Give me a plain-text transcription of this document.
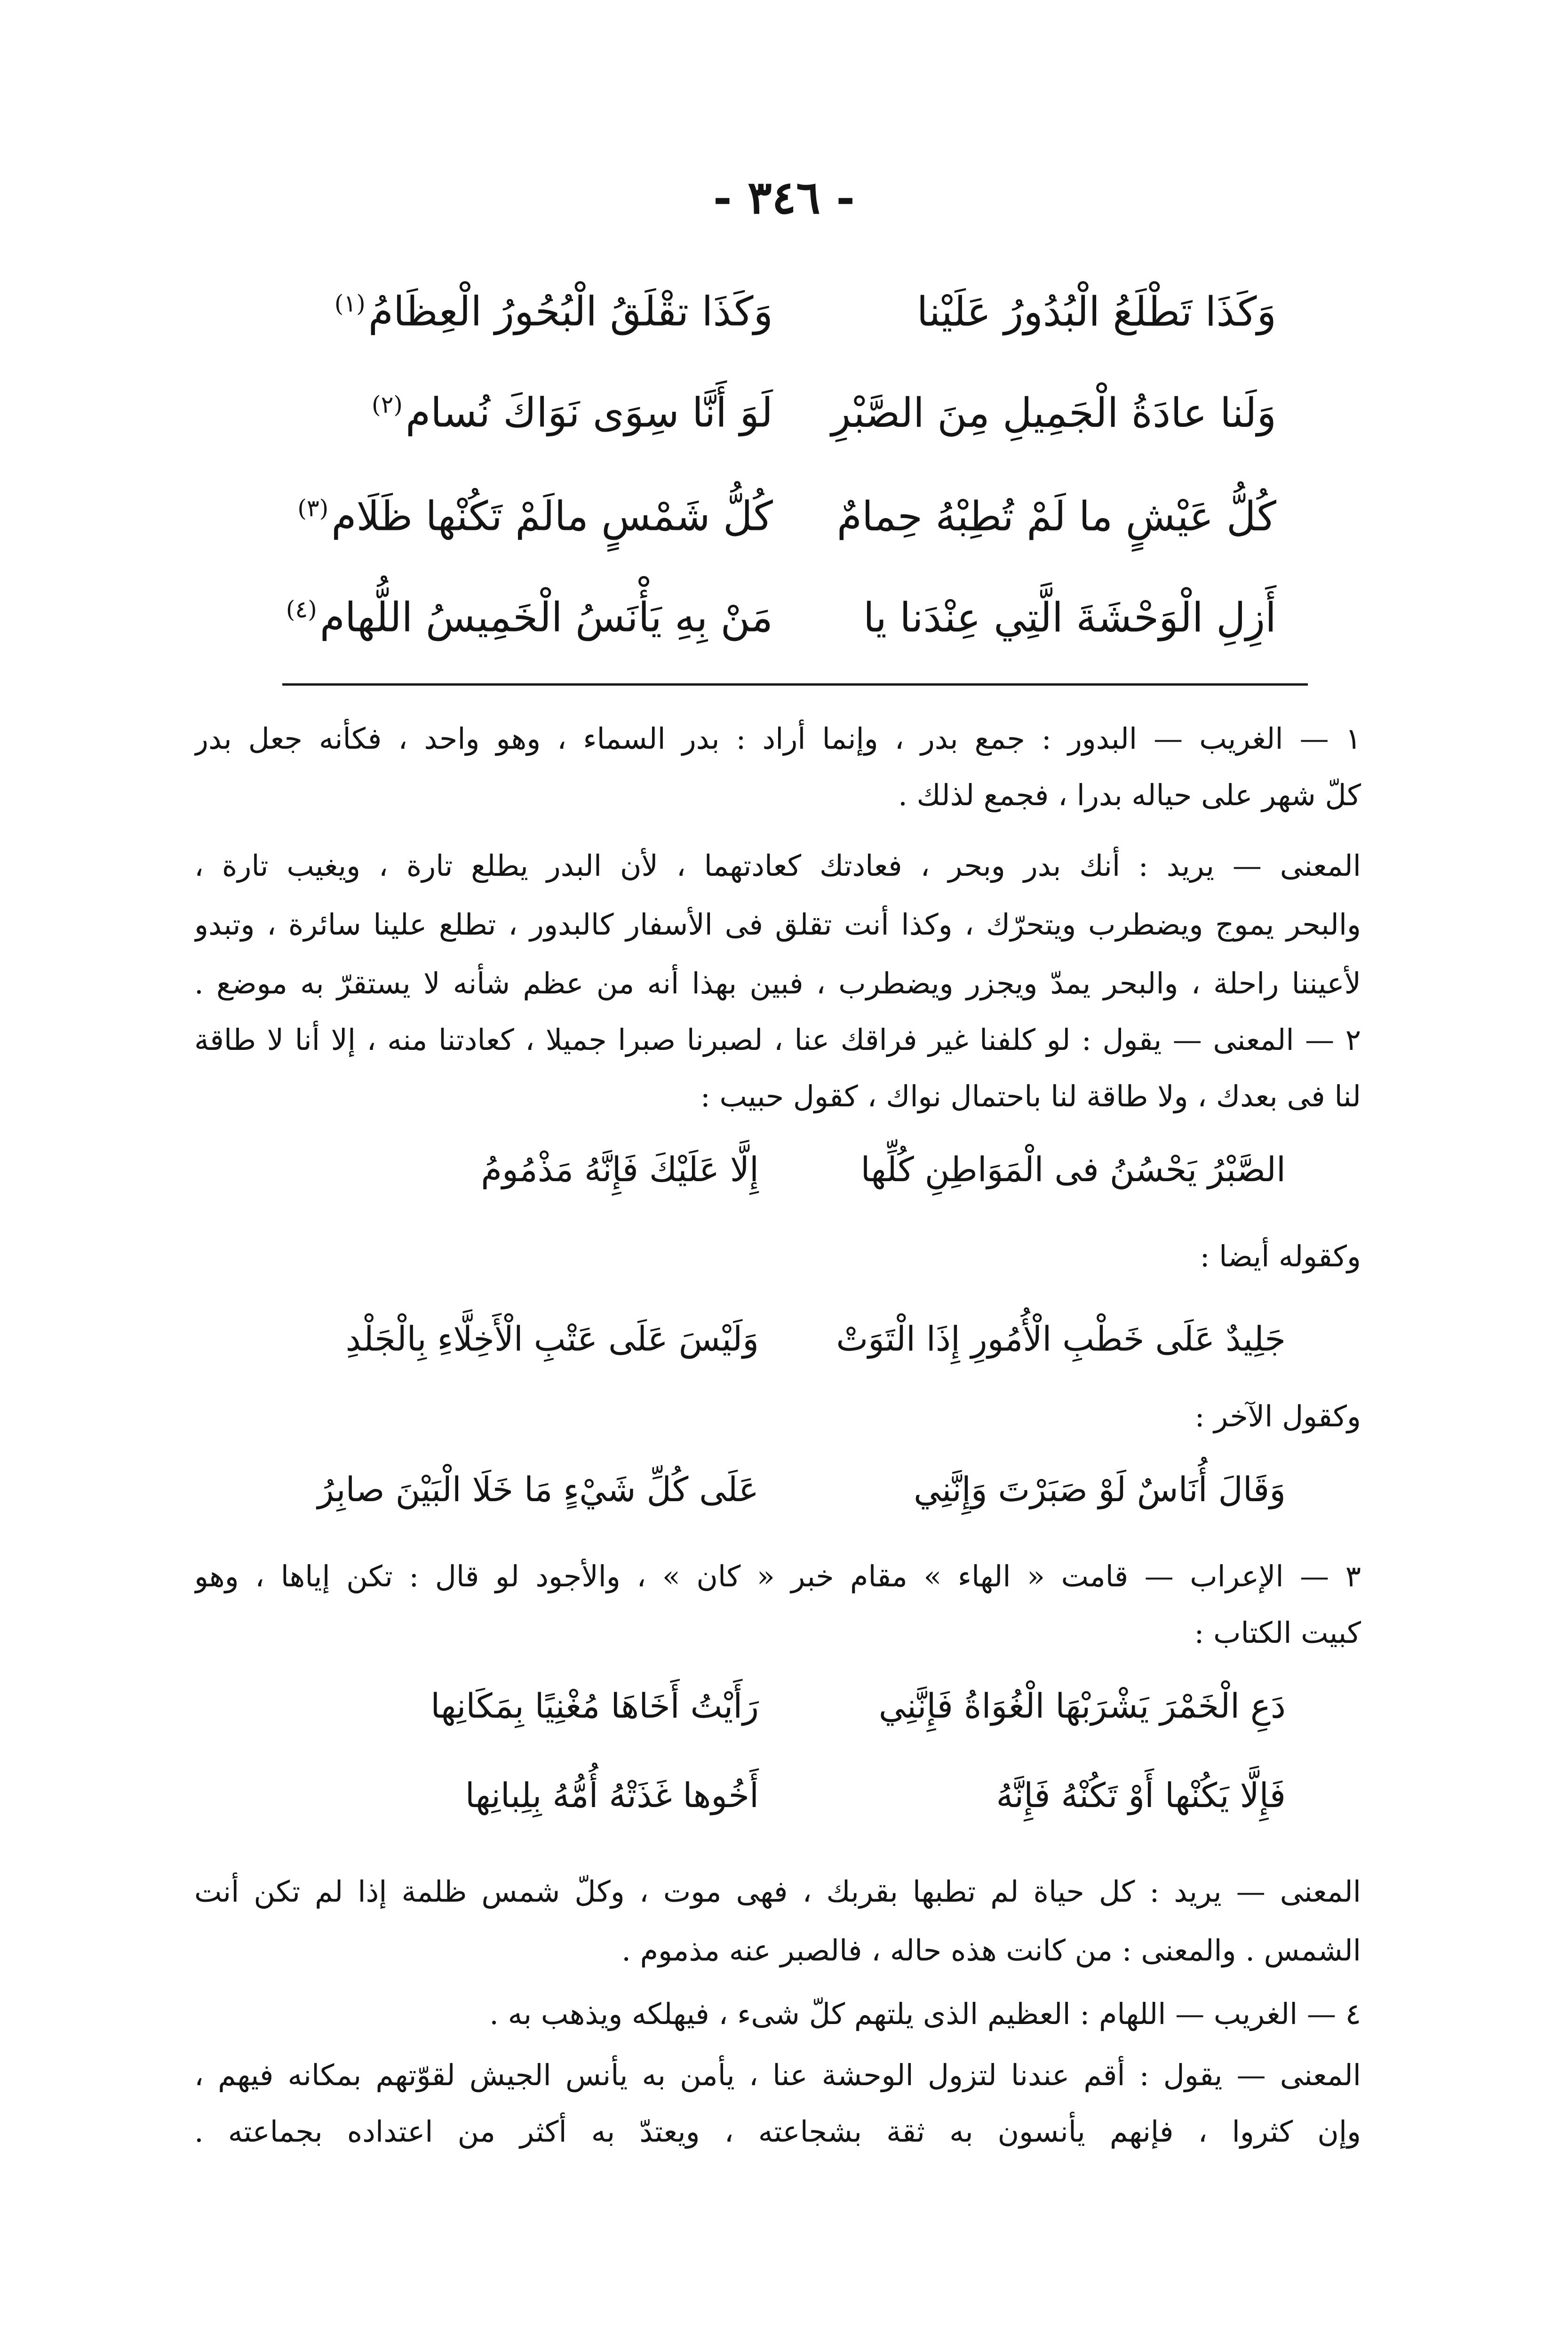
- ٣٤٦ -
وَكَذَا تَطْلَعُ الْبُدُورُ عَلَيْنا
وَكَذَا تقْلَقُ الْبُحُورُ الْعِظَامُ$^{(١)}$
وَلَنا عادَةُ الْجَمِيلِ مِنَ الصَّبْرِ
لَوَ أَنَّا سِوَى نَوَاكَ نُسام$^{(٢)}$
كُلُّ عَيْشٍ ما لَمْ تُطِبْهُ حِمامٌ
كُلُّ شَمْسٍ مالَمْ تَكُنْها ظَلَام$^{(٣)}$
أَزِلِ الْوَحْشَةَ الَّتِي عِنْدَنا يا
مَنْ بِهِ يَأْنَسُ الْخَمِيسُ اللُّهام$^{(٤)}$
١ — الغريب — البدور : جمع بدر ، وإنما أراد : بدر السماء ، وهو واحد ، فكأنه جعل بدر
كلّ شهر على حياله بدرا ، فجمع لذلك .
المعنى — يريد : أنك بدر وبحر ، فعادتك كعادتهما ، لأن البدر يطلع تارة ، ويغيب تارة ،
والبحر يموج ويضطرب ويتحرّك ، وكذا أنت تقلق فى الأسفار كالبدور ، تطلع علينا سائرة ، وتبدو
لأعيننا راحلة ، والبحر يمدّ ويجزر ويضطرب ، فبين بهذا أنه من عظم شأنه لا يستقرّ به موضع .
٢ — المعنى — يقول : لو كلفنا غير فراقك عنا ، لصبرنا صبرا جميلا ، كعادتنا منه ، إلا أنا لا طاقة
لنا فى بعدك ، ولا طاقة لنا باحتمال نواك ، كقول حبيب :
الصَّبْرُ يَحْسُنُ فى الْمَوَاطِنِ كُلِّها
إِلَّا عَلَيْكَ فَإِنَّهُ مَذْمُومُ
وكقوله أيضا :
جَلِيدٌ عَلَى خَطْبِ الْأُمُورِ إِذَا الْتَوَتْ
وَلَيْسَ عَلَى عَتْبِ الْأَخِلَّاءِ بِالْجَلْدِ
وكقول الآخر :
وَقَالَ أُنَاسٌ لَوْ صَبَرْتَ وَإِنَّنِي
عَلَى كُلِّ شَيْءٍ مَا خَلَا الْبَيْنَ صابِرُ
٣ — الإعراب — قامت « الهاء » مقام خبر « كان » ، والأجود لو قال : تكن إياها ، وهو
كبيت الكتاب :
دَعِ الْخَمْرَ يَشْرَبْهَا الْغُوَاةُ فَإِنَّنِي
رَأَيْتُ أَخَاهَا مُغْنِيًا بِمَكَانِها
فَإِلَّا يَكُنْها أَوْ تَكُنْهُ فَإِنَّهُ
أَخُوها غَذَتْهُ أُمُّهُ بِلِبانِها
المعنى — يريد : كل حياة لم تطبها بقربك ، فهى موت ، وكلّ شمس ظلمة إذا لم تكن أنت
الشمس . والمعنى : من كانت هذه حاله ، فالصبر عنه مذموم .
٤ — الغريب — اللهام : العظيم الذى يلتهم كلّ شىء ، فيهلكه ويذهب به .
المعنى — يقول : أقم عندنا لتزول الوحشة عنا ، يأمن به يأنس الجيش لقوّتهم بمكانه فيهم ،
وإن كثروا ، فإنهم يأنسون به ثقة بشجاعته ، ويعتدّ به أكثر من اعتداده بجماعته .
